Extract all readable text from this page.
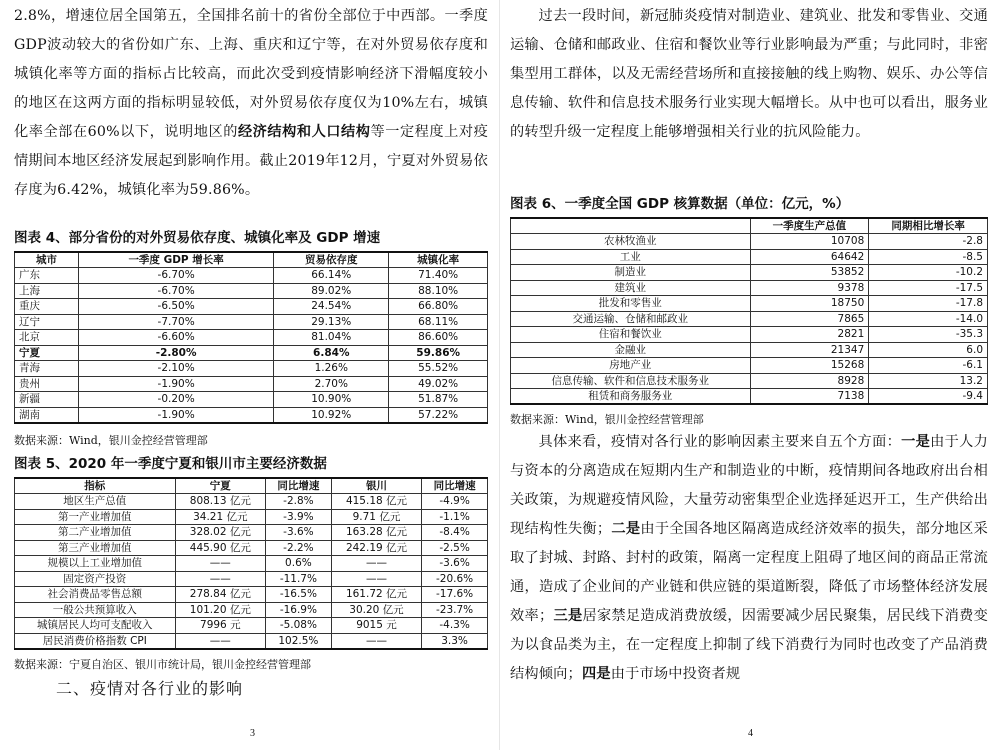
2.8%，增速位居全国第五，全国排名前十的省份全部位于中西部。一季度GDP波动较大的省份如广东、上海、重庆和辽宁等，在对外贸易依存度和城镇化率等方面的指标占比较高，而此次受到疫情影响经济下滑幅度较小的地区在这两方面的指标明显较低，对外贸易依存度仅为10%左右，城镇化率全部在60%以下，说明地区的经济结构和人口结构等一定程度上对疫情期间本地区经济发展起到影响作用。截止2019年12月，宁夏对外贸易依存度为6.42%，城镇化率为59.86%。

图表 4、部分省份的对外贸易依存度、城镇化率及 GDP 增速
城市	一季度 GDP 增长率	贸易依存度	城镇化率
广东	-6.70%	66.14%	71.40%
上海	-6.70%	89.02%	88.10%
重庆	-6.50%	24.54%	66.80%
辽宁	-7.70%	29.13%	68.11%
北京	-6.60%	81.04%	86.60%
宁夏	-2.80%	6.84%	59.86%
青海	-2.10%	1.26%	55.52%
贵州	-1.90%	2.70%	49.02%
新疆	-0.20%	10.90%	51.87%
湖南	-1.90%	10.92%	57.22%
数据来源：Wind，银川金控经营管理部
图表 5、2020 年一季度宁夏和银川市主要经济数据
指标	宁夏	同比增速	银川	同比增速
地区生产总值	808.13 亿元	-2.8%	415.18 亿元	-4.9%
第一产业增加值	34.21 亿元	-3.9%	9.71 亿元	-1.1%
第二产业增加值	328.02 亿元	-3.6%	163.28 亿元	-8.4%
第三产业增加值	445.90 亿元	-2.2%	242.19 亿元	-2.5%
规模以上工业增加值	——	0.6%	——	-3.6%
固定资产投资	——	-11.7%	——	-20.6%
社会消费品零售总额	278.84 亿元	-16.5%	161.72 亿元	-17.6%
一般公共预算收入	101.20 亿元	-16.9%	30.20 亿元	-23.7%
城镇居民人均可支配收入	7996 元	-5.08%	9015 元	-4.3%
居民消费价格指数 CPI	——	102.5%	——	3.3%
数据来源：宁夏自治区、银川市统计局，银川金控经营管理部
二、疫情对各行业的影响
3

过去一段时间，新冠肺炎疫情对制造业、建筑业、批发和零售业、交通运输、仓储和邮政业、住宿和餐饮业等行业影响最为严重；与此同时，非密集型用工群体，以及无需经营场所和直接接触的线上购物、娱乐、办公等信息传输、软件和信息技术服务行业实现大幅增长。从中也可以看出，服务业的转型升级一定程度上能够增强相关行业的抗风险能力。

图表 6、一季度全国 GDP 核算数据（单位：亿元，%）
	一季度生产总值	同期相比增长率
农林牧渔业	10708	-2.8
工业	64642	-8.5
制造业	53852	-10.2
建筑业	9378	-17.5
批发和零售业	18750	-17.8
交通运输、仓储和邮政业	7865	-14.0
住宿和餐饮业	2821	-35.3
金融业	21347	6.0
房地产业	15268	-6.1
信息传输、软件和信息技术服务业	8928	13.2
租赁和商务服务业	7138	-9.4
数据来源：Wind，银川金控经营管理部

具体来看，疫情对各行业的影响因素主要来自五个方面：一是由于人力与资本的分离造成在短期内生产和制造业的中断，疫情期间各地政府出台相关政策，为规避疫情风险，大量劳动密集型企业选择延迟开工，生产供给出现结构性失衡；二是由于全国各地区隔离造成经济效率的损失，部分地区采取了封城、封路、封村的政策，隔离一定程度上阻碍了地区间的商品正常流通，造成了企业间的产业链和供应链的渠道断裂，降低了市场整体经济发展效率；三是居家禁足造成消费放缓，因需要减少居民聚集，居民线下消费变为以食品类为主，在一定程度上抑制了线下消费行为同时也改变了产品消费结构倾向；四是由于市场中投资者规

4
